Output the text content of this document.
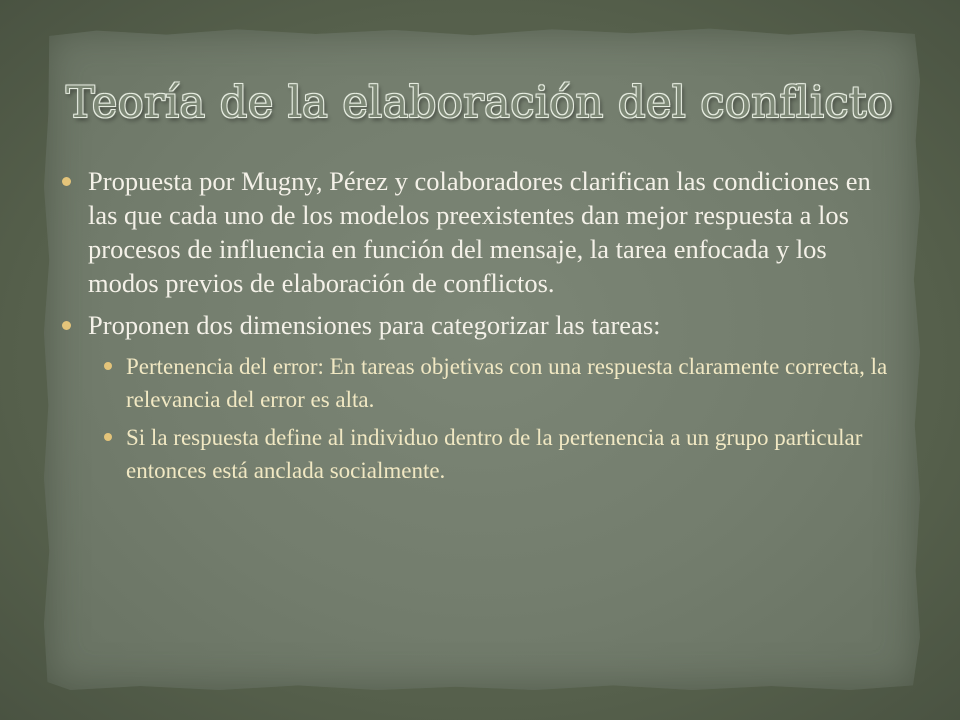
Teoría de la elaboración del conflicto
Propuesta por Mugny, Pérez y colaboradores clarifican las condiciones en las que cada uno de los modelos preexistentes dan mejor respuesta a los procesos de influencia en función del mensaje, la tarea enfocada y los modos previos de elaboración de conflictos.
Proponen dos dimensiones para categorizar las tareas:
Pertenencia del error: En tareas objetivas con una respuesta claramente correcta, la relevancia del error es alta.
Si la respuesta define al individuo dentro de la pertenencia a un grupo particular entonces está anclada socialmente.
